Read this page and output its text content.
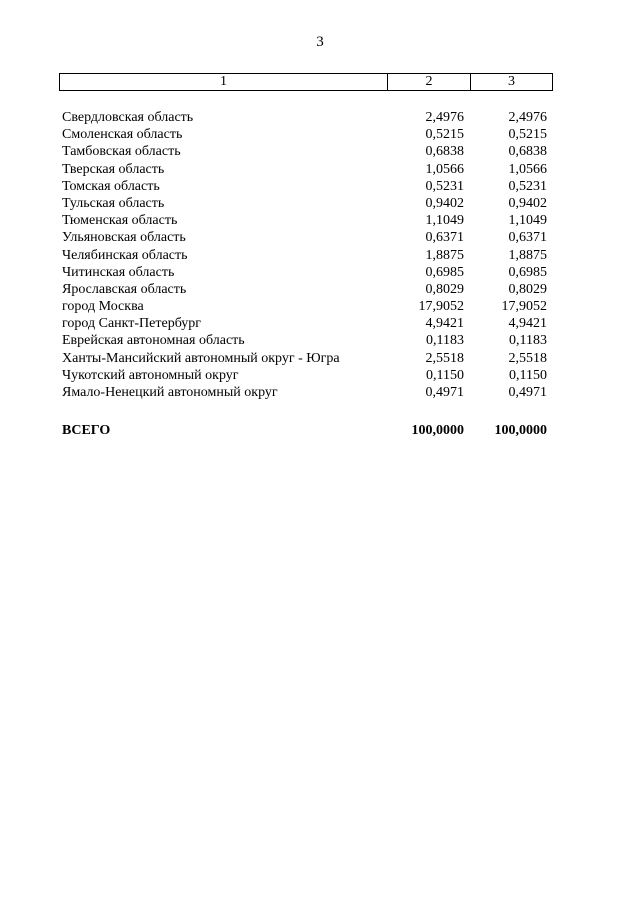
3
1	2	3
Свердловская область	2,4976	2,4976
Смоленская область	0,5215	0,5215
Тамбовская область	0,6838	0,6838
Тверская область	1,0566	1,0566
Томская область	0,5231	0,5231
Тульская область	0,9402	0,9402
Тюменская область	1,1049	1,1049
Ульяновская область	0,6371	0,6371
Челябинская область	1,8875	1,8875
Читинская область	0,6985	0,6985
Ярославская область	0,8029	0,8029
город Москва	17,9052	17,9052
город Санкт-Петербург	4,9421	4,9421
Еврейская автономная область	0,1183	0,1183
Ханты-Мансийский автономный округ - Югра	2,5518	2,5518
Чукотский автономный округ	0,1150	0,1150
Ямало-Ненецкий автономный округ	0,4971	0,4971
ВСЕГО	100,0000 100,0000
